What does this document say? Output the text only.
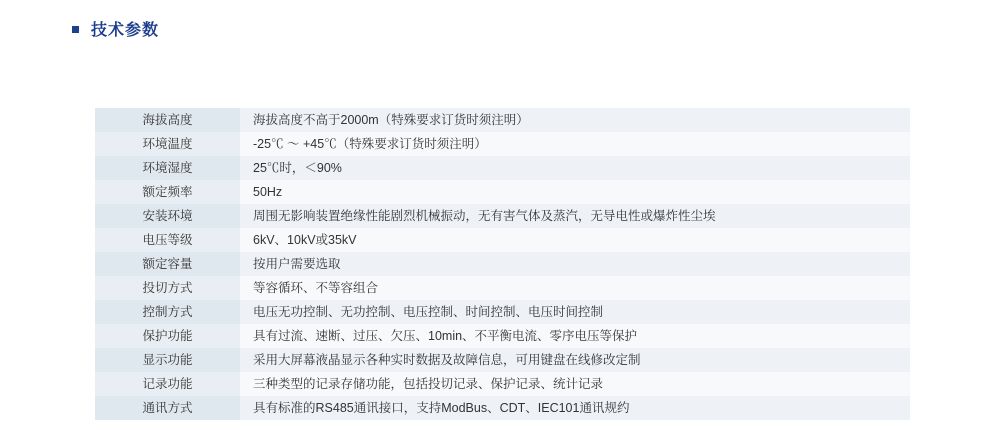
技术参数
海拔高度	海拔高度不高于2000m（特殊要求订货时须注明）
环境温度	-25℃ ～ +45℃（特殊要求订货时须注明）
环境湿度	25℃时，＜90%
额定频率	50Hz
安装环境	周围无影响装置绝缘性能剧烈机械振动，无有害气体及蒸汽，无导电性或爆炸性尘埃
电压等级	6kV、10kV或35kV
额定容量	按用户需要选取
投切方式	等容循环、不等容组合
控制方式	电压无功控制、无功控制、电压控制、时间控制、电压时间控制
保护功能	具有过流、速断、过压、欠压、10min、不平衡电流、零序电压等保护
显示功能	采用大屏幕液晶显示各种实时数据及故障信息，可用键盘在线修改定制
记录功能	三种类型的记录存储功能，包括投切记录、保护记录、统计记录
通讯方式	具有标准的RS485通讯接口，支持ModBus、CDT、IEC101通讯规约
